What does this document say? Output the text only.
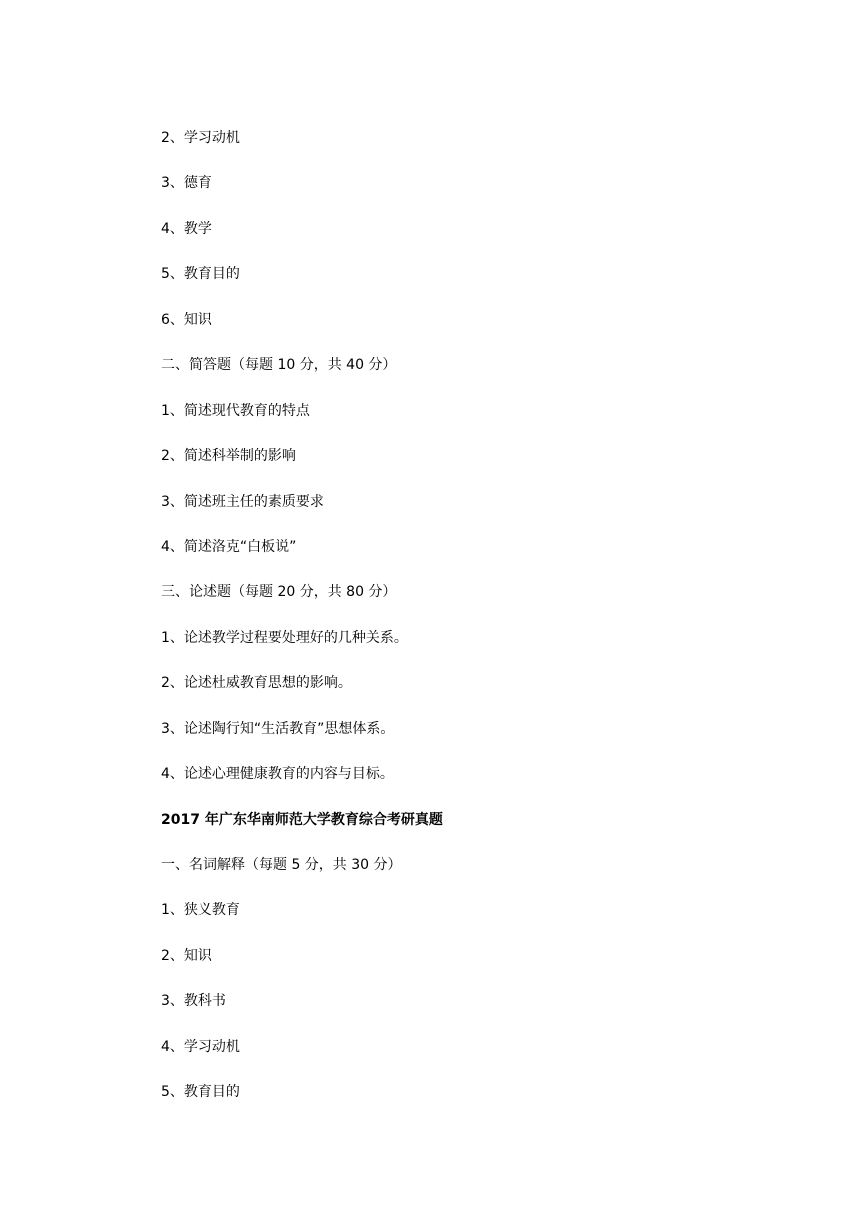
2、学习动机
3、德育
4、教学
5、教育目的
6、知识
二、简答题（每题 10 分，共 40 分）
1、简述现代教育的特点
2、简述科举制的影响
3、简述班主任的素质要求
4、简述洛克“白板说”
三、论述题（每题 20 分，共 80 分）
1、论述教学过程要处理好的几种关系。
2、论述杜威教育思想的影响。
3、论述陶行知“生活教育”思想体系。
4、论述心理健康教育的内容与目标。
2017 年广东华南师范大学教育综合考研真题
一、名词解释（每题 5 分，共 30 分）
1、狭义教育
2、知识
3、教科书
4、学习动机
5、教育目的
